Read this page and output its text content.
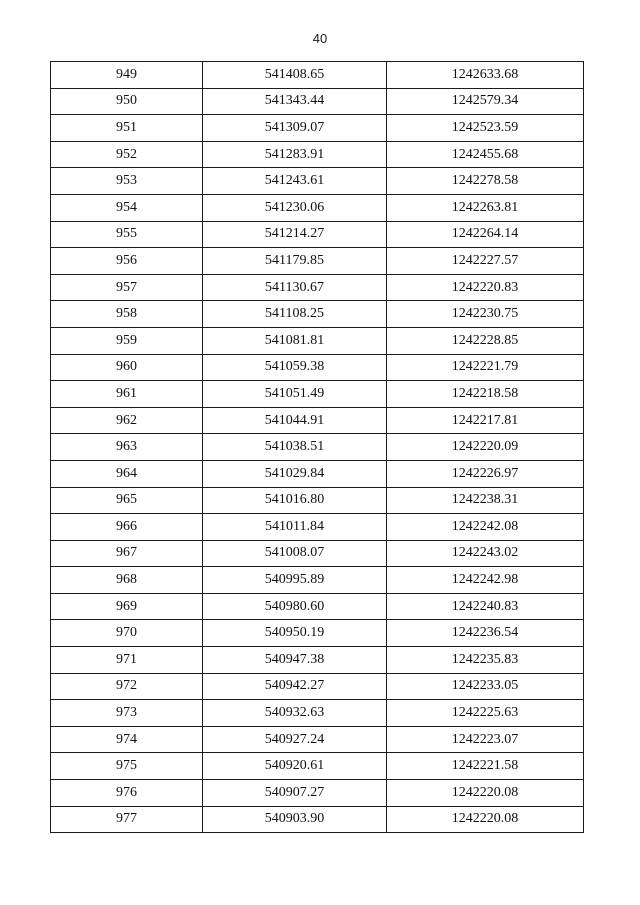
40
949	541408.65	1242633.68
950	541343.44	1242579.34
951	541309.07	1242523.59
952	541283.91	1242455.68
953	541243.61	1242278.58
954	541230.06	1242263.81
955	541214.27	1242264.14
956	541179.85	1242227.57
957	541130.67	1242220.83
958	541108.25	1242230.75
959	541081.81	1242228.85
960	541059.38	1242221.79
961	541051.49	1242218.58
962	541044.91	1242217.81
963	541038.51	1242220.09
964	541029.84	1242226.97
965	541016.80	1242238.31
966	541011.84	1242242.08
967	541008.07	1242243.02
968	540995.89	1242242.98
969	540980.60	1242240.83
970	540950.19	1242236.54
971	540947.38	1242235.83
972	540942.27	1242233.05
973	540932.63	1242225.63
974	540927.24	1242223.07
975	540920.61	1242221.58
976	540907.27	1242220.08
977	540903.90	1242220.08
